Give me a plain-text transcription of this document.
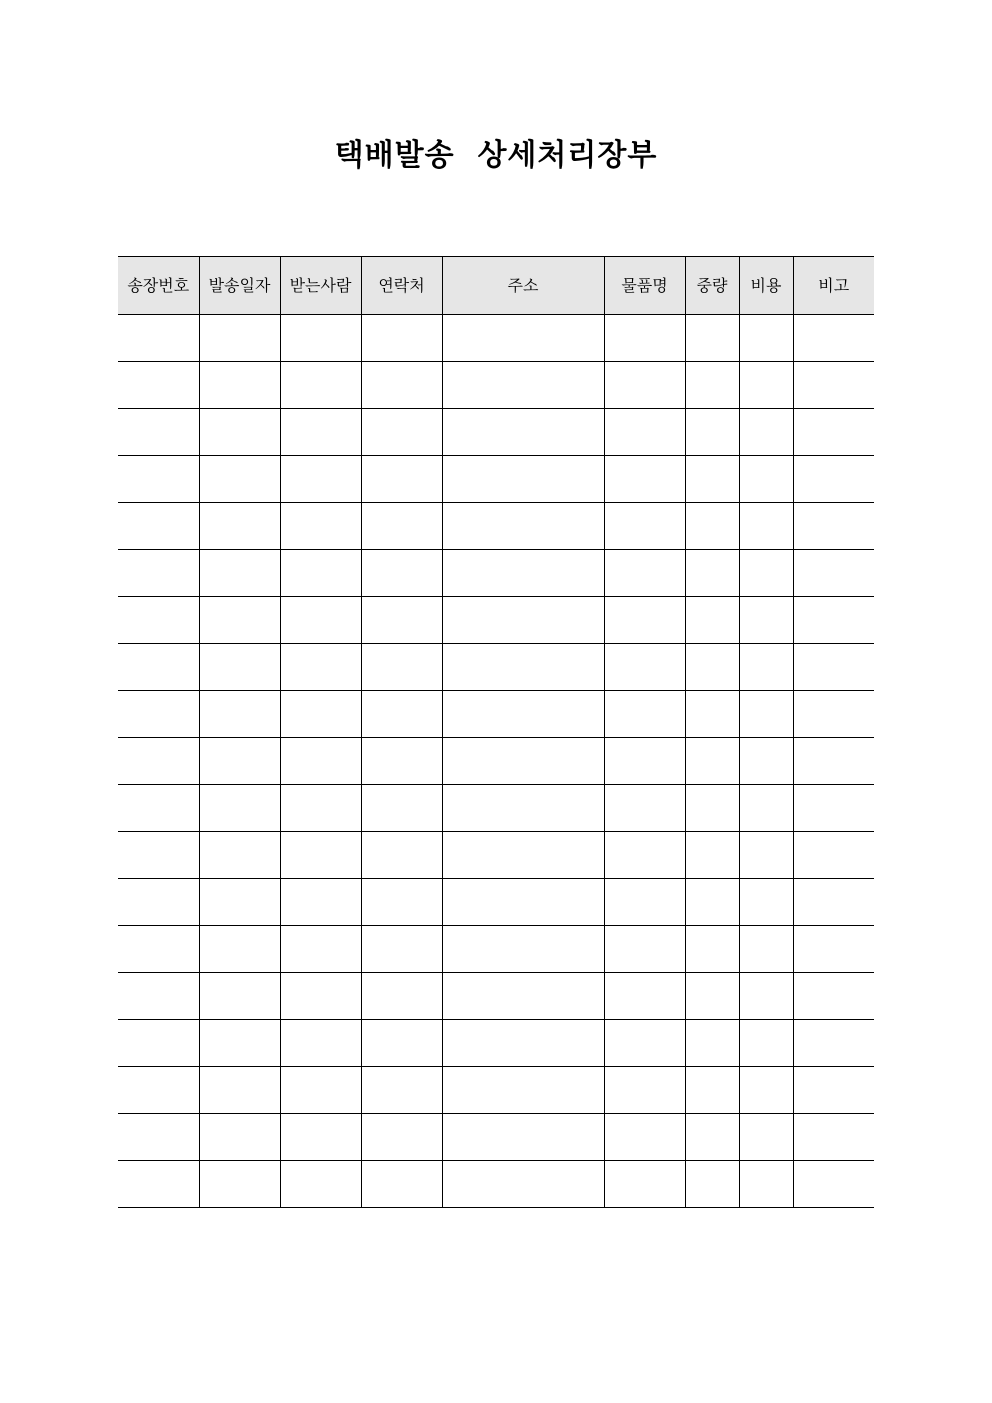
택배발송  상세처리장부
송장번호	발송일자	받는사람	연락처	주소	물품명	중량	비용	비고
